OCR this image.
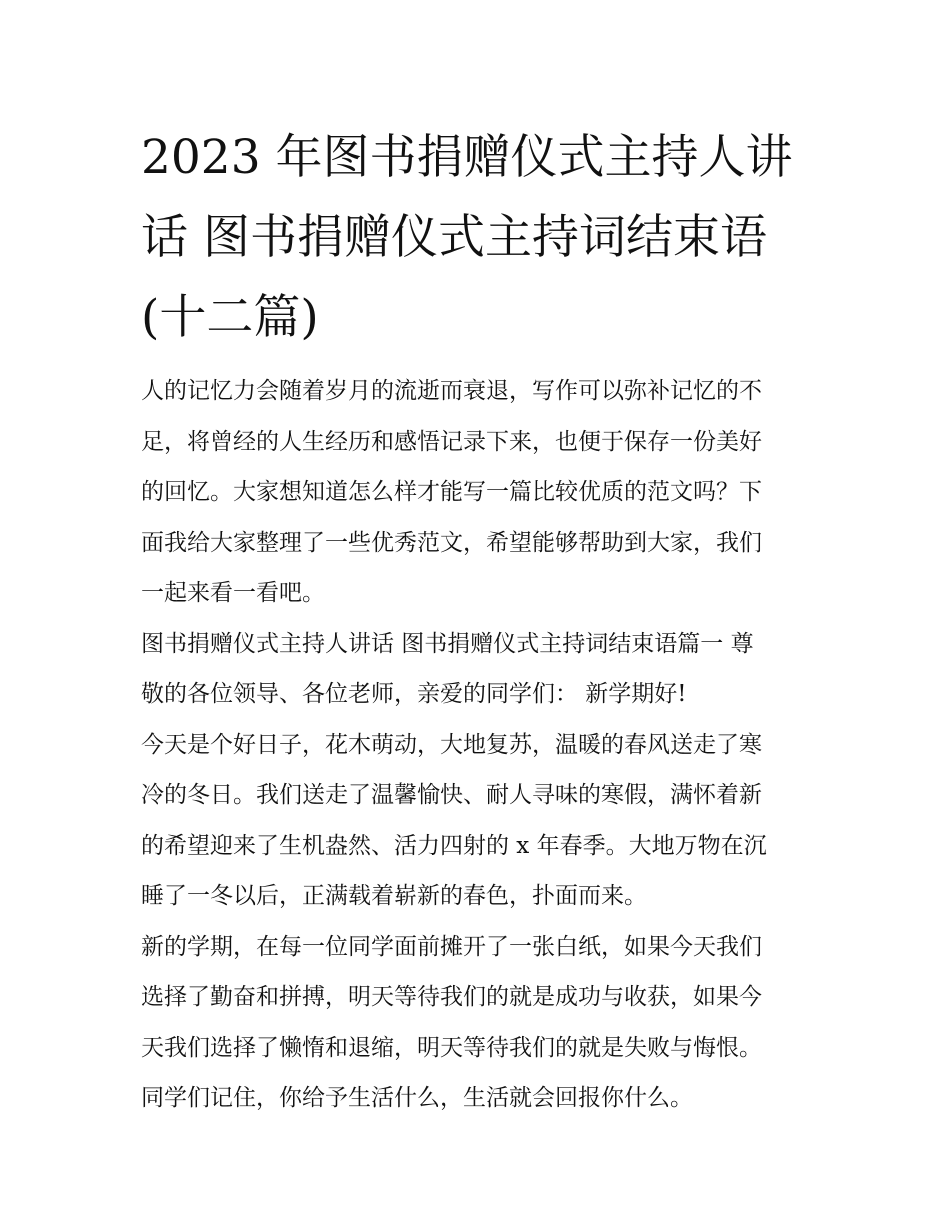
2023 年图书捐赠仪式主持人讲
话 图书捐赠仪式主持词结束语
(十二篇)

人的记忆力会随着岁月的流逝而衰退，写作可以弥补记忆的不
足，将曾经的人生经历和感悟记录下来，也便于保存一份美好
的回忆。大家想知道怎么样才能写一篇比较优质的范文吗？下
面我给大家整理了一些优秀范文，希望能够帮助到大家，我们
一起来看一看吧。

图书捐赠仪式主持人讲话 图书捐赠仪式主持词结束语篇一 尊
敬的各位领导、各位老师，亲爱的同学们： 新学期好!

今天是个好日子，花木萌动，大地复苏，温暖的春风送走了寒
冷的冬日。我们送走了温馨愉快、耐人寻味的寒假，满怀着新
的希望迎来了生机盎然、活力四射的 x 年春季。大地万物在沉
睡了一冬以后，正满载着崭新的春色，扑面而来。

新的学期，在每一位同学面前摊开了一张白纸，如果今天我们
选择了勤奋和拼搏，明天等待我们的就是成功与收获，如果今
天我们选择了懒惰和退缩，明天等待我们的就是失败与悔恨。
同学们记住，你给予生活什么，生活就会回报你什么。
